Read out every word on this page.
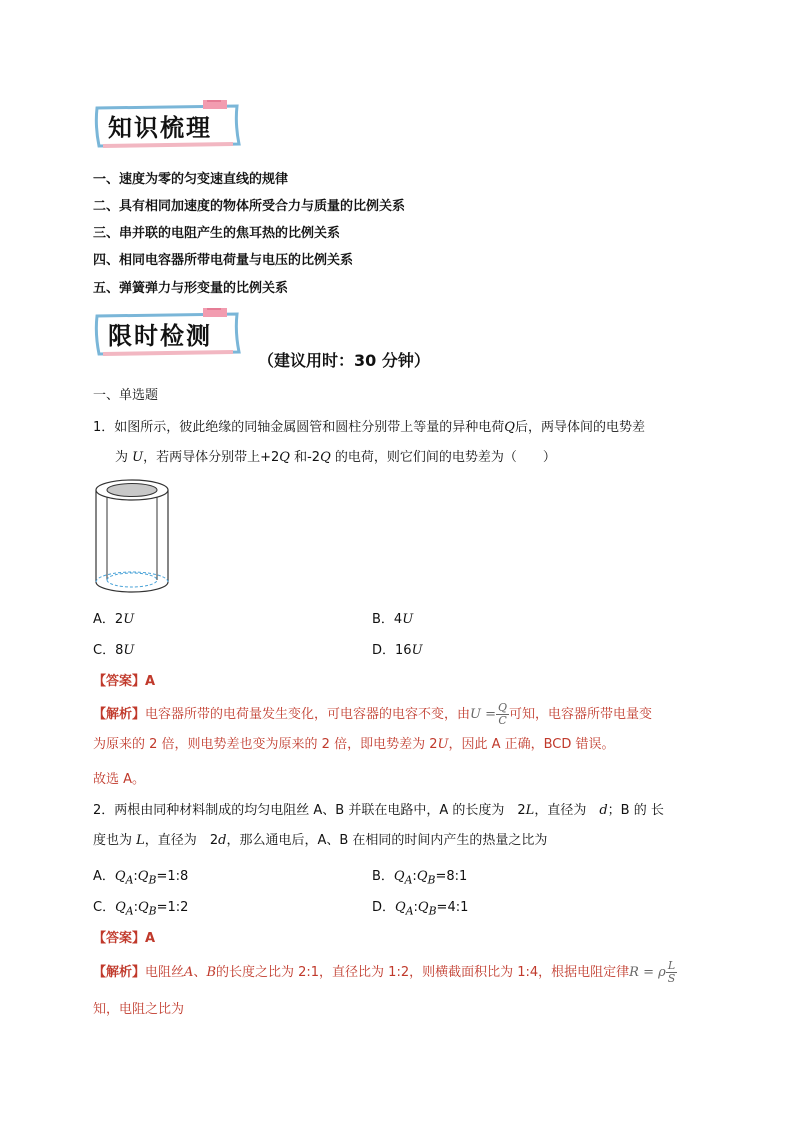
知识梳理
一、速度为零的匀变速直线的规律
二、具有相同加速度的物体所受合力与质量的比例关系
三、串并联的电阻产生的焦耳热的比例关系
四、相同电容器所带电荷量与电压的比例关系
五、弹簧弹力与形变量的比例关系
限时检测
（建议用时：30 分钟）
一、单选题
1．如图所示，彼此绝缘的同轴金属圆管和圆柱分别带上等量的异种电荷Q后，两导体间的电势差
为 U，若两导体分别带上+2Q 和-2Q 的电荷，则它们间的电势差为（　　）
A．2U	B．4U
C．8U	D．16U
【答案】A
【解析】电容器所带的电荷量发生变化，可电容器的电容不变，由$U = \frac{Q}{C}$ 可知，电容器所带电量变
为原来的 2 倍，则电势差也变为原来的 2 倍，即电势差为 2U，因此 A 正确，BCD 错误。
故选 A。
2．两根由同种材料制成的均匀电阻丝 A、B 并联在电路中，A 的长度为　 2L，直径为　 d；B 的 长
度也为 L，直径为　 2d，那么通电后，A、B 在相同的时间内产生的热量之比为
A．$Q_A:Q_B=1:8$	B．$Q_A:Q_B=8:1$
C．$Q_A:Q_B=1:2$	D．$Q_A:Q_B=4:1$
【答案】A
【解析】电阻丝A、B的长度之比为 2:1，直径比为 1:2，则横截面积比为 1:4，根据电阻定律R = ρ $\frac{L}{S}$
知，电阻之比为
